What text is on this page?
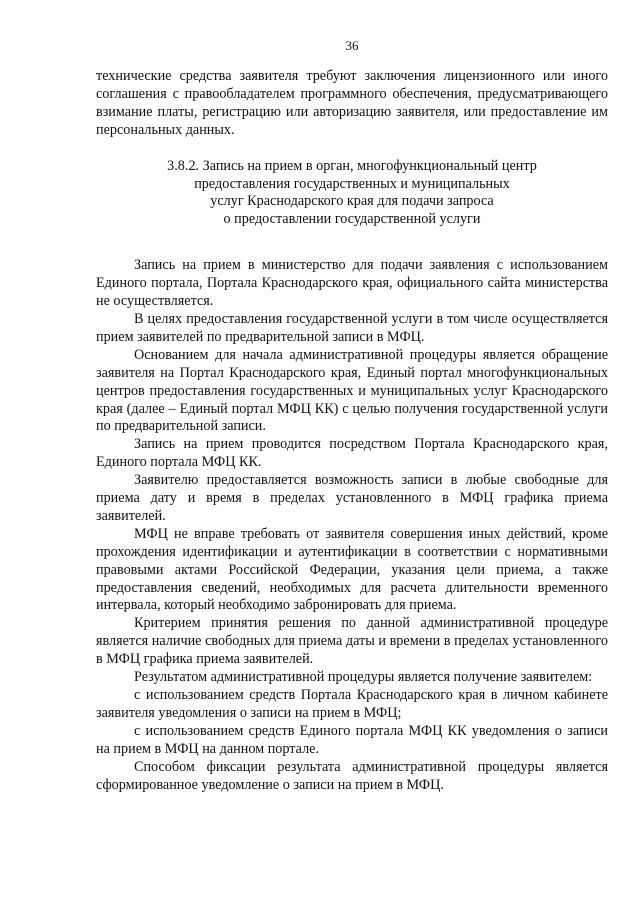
36

технические средства заявителя требуют заключения лицензионного или иного соглашения с правообладателем программного обеспечения, предусматривающего взимание платы, регистрацию или авторизацию заявителя, или предоставление им персональных данных.

3.8.2. Запись на прием в орган, многофункциональный центр
предоставления государственных и муниципальных
услуг Краснодарского края для подачи запроса
о предоставлении государственной услуги

Запись на прием в министерство для подачи заявления с использованием Единого портала, Портала Краснодарского края, официального сайта министерства не осуществляется.

В целях предоставления государственной услуги в том числе осуществляется прием заявителей по предварительной записи в МФЦ.

Основанием для начала административной процедуры является обращение заявителя на Портал Краснодарского края, Единый портал многофункциональных центров предоставления государственных и муниципальных услуг Краснодарского края (далее – Единый портал МФЦ КК) с целью получения государственной услуги по предварительной записи.

Запись на прием проводится посредством Портала Краснодарского края, Единого портала МФЦ КК.

Заявителю предоставляется возможность записи в любые свободные для приема дату и время в пределах установленного в МФЦ графика приема заявителей.

МФЦ не вправе требовать от заявителя совершения иных действий, кроме прохождения идентификации и аутентификации в соответствии с нормативными правовыми актами Российской Федерации, указания цели приема, а также предоставления сведений, необходимых для расчета длительности временного интервала, который необходимо забронировать для приема.

Критерием принятия решения по данной административной процедуре является наличие свободных для приема даты и времени в пределах установленного в МФЦ графика приема заявителей.

Результатом административной процедуры является получение заявителем:

с использованием средств Портала Краснодарского края в личном кабинете заявителя уведомления о записи на прием в МФЦ;

с использованием средств Единого портала МФЦ КК уведомления о записи на прием в МФЦ на данном портале.

Способом фиксации результата административной процедуры является сформированное уведомление о записи на прием в МФЦ.
